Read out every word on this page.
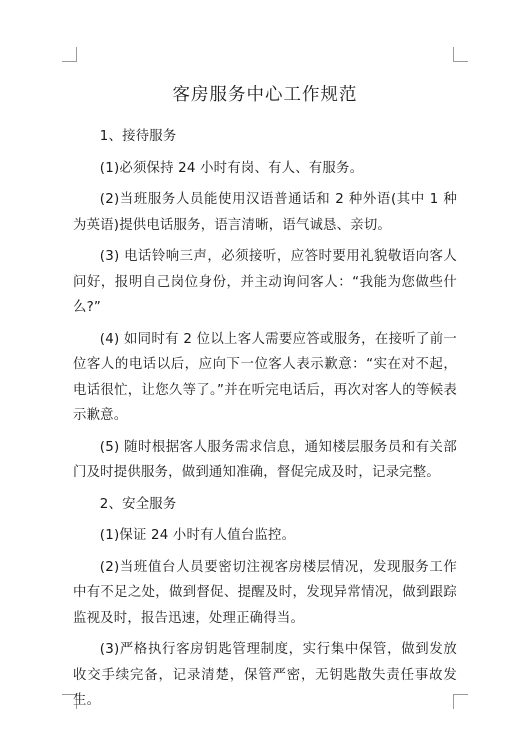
客房服务中心工作规范

1、接待服务

(1)必须保持 24 小时有岗、有人、有服务。

(2)当班服务人员能使用汉语普通话和 2 种外语(其中 1 种为英语)提供电话服务，语言清晰，语气诚恳、亲切。

(3) 电话铃响三声，必须接听，应答时要用礼貌敬语向客人问好，报明自己岗位身份，并主动询问客人：“我能为您做些什么?”

(4) 如同时有 2 位以上客人需要应答或服务，在接听了前一位客人的电话以后，应向下一位客人表示歉意：“实在对不起，电话很忙，让您久等了。”并在听完电话后，再次对客人的等候表示歉意。

(5) 随时根据客人服务需求信息，通知楼层服务员和有关部门及时提供服务，做到通知准确，督促完成及时，记录完整。

2、安全服务

(1)保证 24 小时有人值台监控。

(2)当班值台人员要密切注视客房楼层情况，发现服务工作中有不足之处，做到督促、提醒及时，发现异常情况，做到跟踪监视及时，报告迅速，处理正确得当。

(3)严格执行客房钥匙管理制度，实行集中保管，做到发放收交手续完备，记录清楚，保管严密，无钥匙散失责任事故发生。
